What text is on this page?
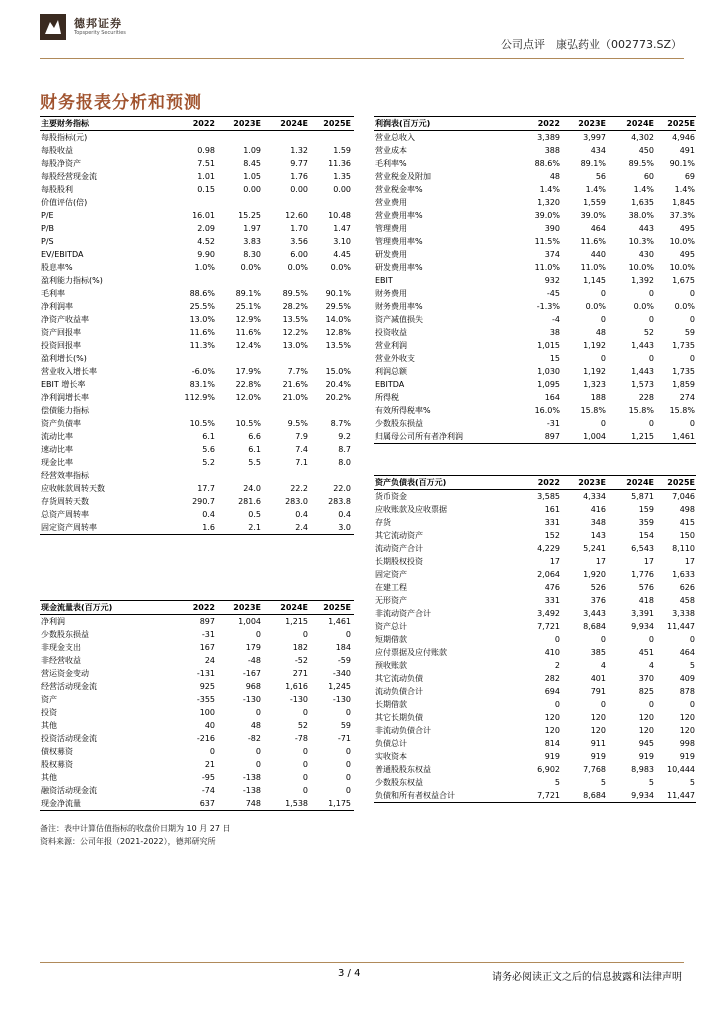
德邦证券
Topsperity Securities
公司点评　康弘药业（002773.SZ）
财务报表分析和预测
主要财务指标	2022	2023E	2024E	2025E
每股指标(元)
每股收益	0.98	1.09	1.32	1.59
每股净资产	7.51	8.45	9.77	11.36
每股经营现金流	1.01	1.05	1.76	1.35
每股股利	0.15	0.00	0.00	0.00
价值评估(倍)
P/E	16.01	15.25	12.60	10.48
P/B	2.09	1.97	1.70	1.47
P/S	4.52	3.83	3.56	3.10
EV/EBITDA	9.90	8.30	6.00	4.45
股息率%	1.0%	0.0%	0.0%	0.0%
盈利能力指标(%)
毛利率	88.6%	89.1%	89.5%	90.1%
净利润率	25.5%	25.1%	28.2%	29.5%
净资产收益率	13.0%	12.9%	13.5%	14.0%
资产回报率	11.6%	11.6%	12.2%	12.8%
投资回报率	11.3%	12.4%	13.0%	13.5%
盈利增长(%)
营业收入增长率	-6.0%	17.9%	7.7%	15.0%
EBIT 增长率	83.1%	22.8%	21.6%	20.4%
净利润增长率	112.9%	12.0%	21.0%	20.2%
偿债能力指标
资产负债率	10.5%	10.5%	9.5%	8.7%
流动比率	6.1	6.6	7.9	9.2
速动比率	5.6	6.1	7.4	8.7
现金比率	5.2	5.5	7.1	8.0
经营效率指标
应收帐款周转天数	17.7	24.0	22.2	22.0
存货周转天数	290.7	281.6	283.0	283.8
总资产周转率	0.4	0.5	0.4	0.4
固定资产周转率	1.6	2.1	2.4	3.0
利润表(百万元)	2022	2023E	2024E	2025E
营业总收入	3,389	3,997	4,302	4,946
营业成本	388	434	450	491
毛利率%	88.6%	89.1%	89.5%	90.1%
营业税金及附加	48	56	60	69
营业税金率%	1.4%	1.4%	1.4%	1.4%
营业费用	1,320	1,559	1,635	1,845
营业费用率%	39.0%	39.0%	38.0%	37.3%
管理费用	390	464	443	495
管理费用率%	11.5%	11.6%	10.3%	10.0%
研发费用	374	440	430	495
研发费用率%	11.0%	11.0%	10.0%	10.0%
EBIT	932	1,145	1,392	1,675
财务费用	-45	0	0	0
财务费用率%	-1.3%	0.0%	0.0%	0.0%
资产减值损失	-4	0	0	0
投资收益	38	48	52	59
营业利润	1,015	1,192	1,443	1,735
营业外收支	15	0	0	0
利润总额	1,030	1,192	1,443	1,735
EBITDA	1,095	1,323	1,573	1,859
所得税	164	188	228	274
有效所得税率%	16.0%	15.8%	15.8%	15.8%
少数股东损益	-31	0	0	0
归属母公司所有者净利润	897	1,004	1,215	1,461
资产负债表(百万元)	2022	2023E	2024E	2025E
货币资金	3,585	4,334	5,871	7,046
应收账款及应收票据	161	416	159	498
存货	331	348	359	415
其它流动资产	152	143	154	150
流动资产合计	4,229	5,241	6,543	8,110
长期股权投资	17	17	17	17
固定资产	2,064	1,920	1,776	1,633
在建工程	476	526	576	626
无形资产	331	376	418	458
非流动资产合计	3,492	3,443	3,391	3,338
资产总计	7,721	8,684	9,934	11,447
短期借款	0	0	0	0
应付票据及应付账款	410	385	451	464
预收账款	2	4	4	5
其它流动负债	282	401	370	409
流动负债合计	694	791	825	878
长期借款	0	0	0	0
其它长期负债	120	120	120	120
非流动负债合计	120	120	120	120
负债总计	814	911	945	998
实收资本	919	919	919	919
普通股股东权益	6,902	7,768	8,983	10,444
少数股东权益	5	5	5	5
负债和所有者权益合计	7,721	8,684	9,934	11,447
现金流量表(百万元)	2022	2023E	2024E	2025E
净利润	897	1,004	1,215	1,461
少数股东损益	-31	0	0	0
非现金支出	167	179	182	184
非经营收益	24	-48	-52	-59
营运资金变动	-131	-167	271	-340
经营活动现金流	925	968	1,616	1,245
资产	-355	-130	-130	-130
投资	100	0	0	0
其他	40	48	52	59
投资活动现金流	-216	-82	-78	-71
债权募资	0	0	0	0
股权募资	21	0	0	0
其他	-95	-138	0	0
融资活动现金流	-74	-138	0	0
现金净流量	637	748	1,538	1,175
备注：表中计算估值指标的收盘价日期为 10 月 27 日
资料来源：公司年报（2021-2022），德邦研究所
3 / 4	请务必阅读正文之后的信息披露和法律声明
